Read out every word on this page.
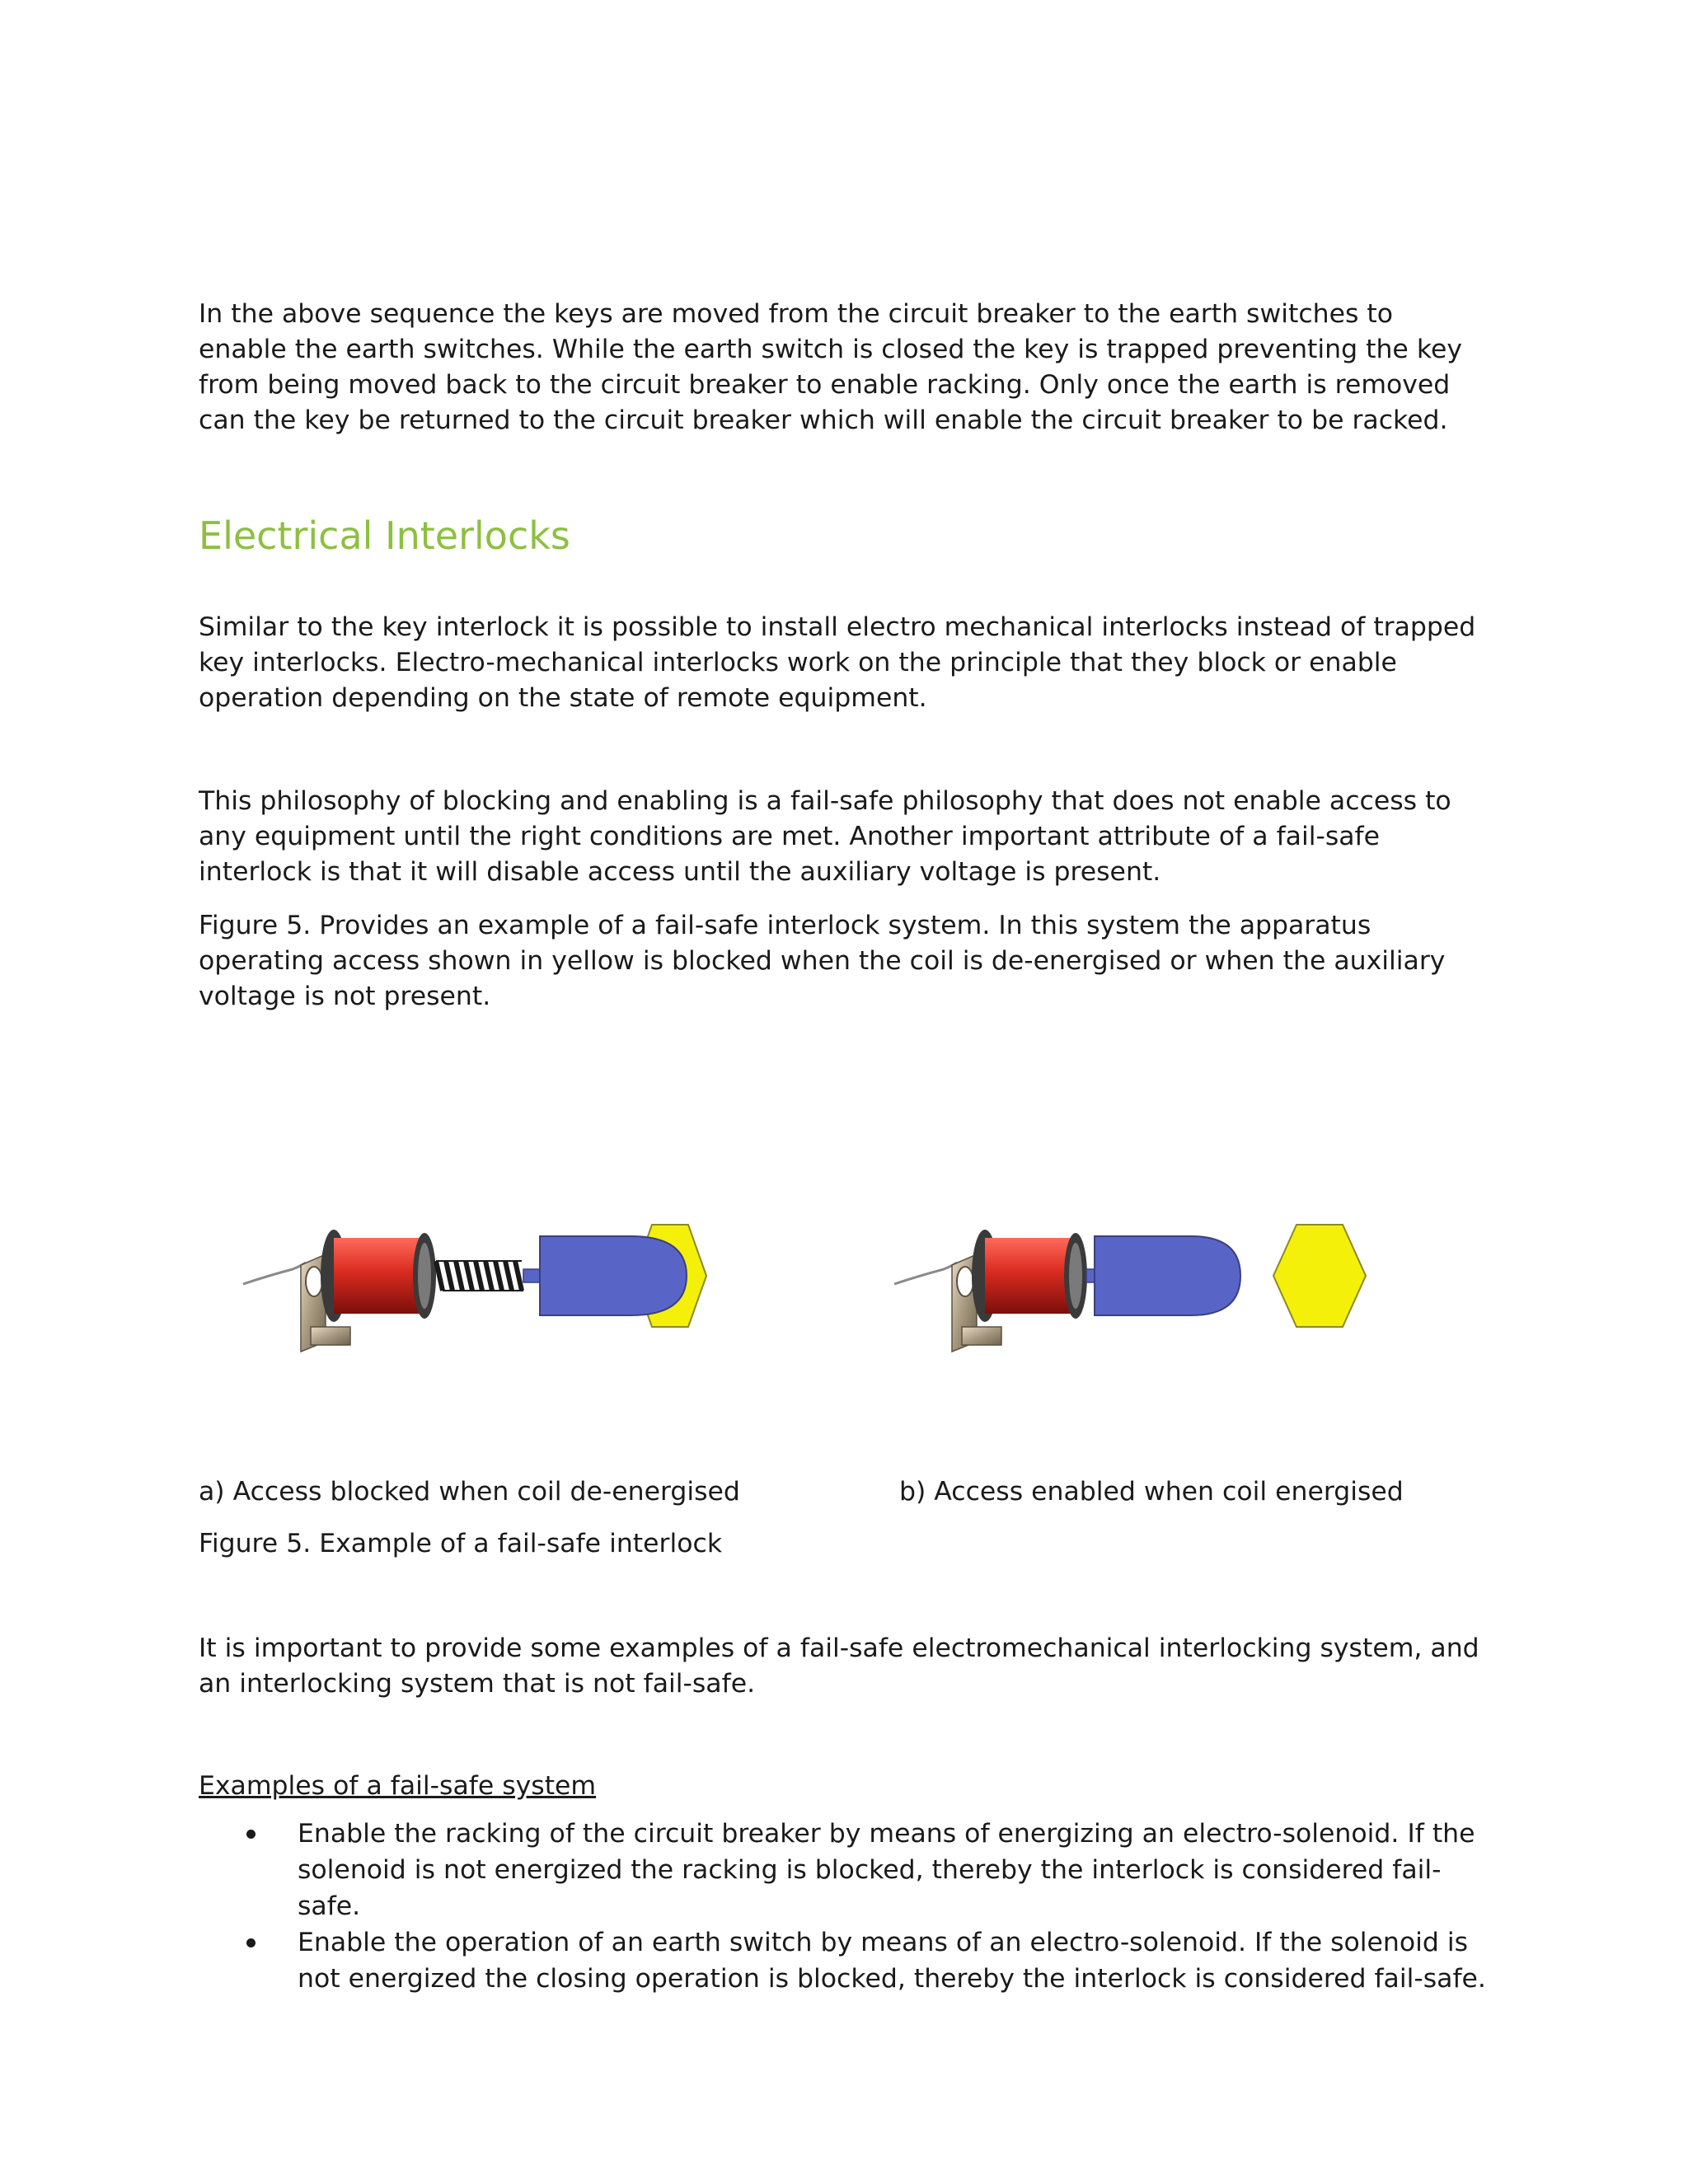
In the above sequence the keys are moved from the circuit breaker to the earth switches to enable the earth switches. While the earth switch is closed the key is trapped preventing the key from being moved back to the circuit breaker to enable racking. Only once the earth is removed can the key be returned to the circuit breaker which will enable the circuit breaker to be racked.

Electrical Interlocks

Similar to the key interlock it is possible to install electro mechanical interlocks instead of trapped key interlocks. Electro-mechanical interlocks work on the principle that they block or enable operation depending on the state of remote equipment.

This philosophy of blocking and enabling is a fail-safe philosophy that does not enable access to any equipment until the right conditions are met. Another important attribute of a fail-safe interlock is that it will disable access until the auxiliary voltage is present.

Figure 5. Provides an example of a fail-safe interlock system. In this system the apparatus operating access shown in yellow is blocked when the coil is de-energised or when the auxiliary voltage is not present.

a) Access blocked when coil de-energised	b) Access enabled when coil energised

Figure 5. Example of a fail-safe interlock

It is important to provide some examples of a fail-safe electromechanical interlocking system, and an interlocking system that is not fail-safe.

Examples of a fail-safe system

Enable the racking of the circuit breaker by means of energizing an electro-solenoid. If the solenoid is not energized the racking is blocked, thereby the interlock is considered fail-safe.
Enable the operation of an earth switch by means of an electro-solenoid. If the solenoid is not energized the closing operation is blocked, thereby the interlock is considered fail-safe.
